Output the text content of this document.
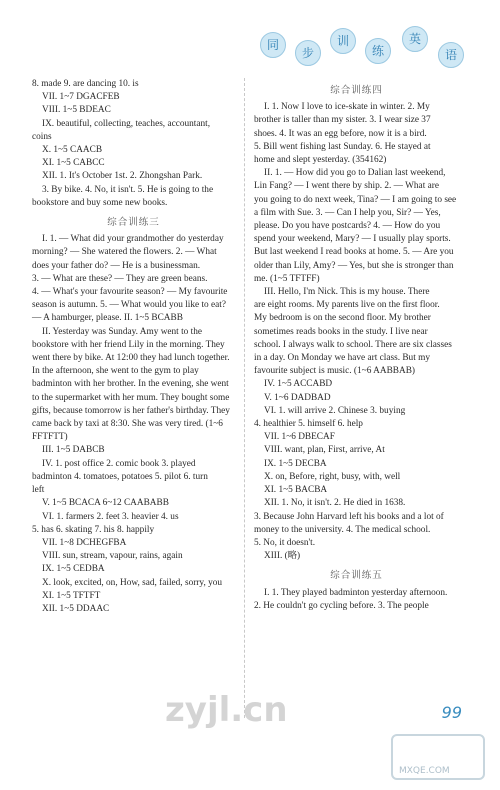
同
步
训
练
英
语
8. made 9. are dancing 10. is
VII. 1~7 DGACFEB
VIII. 1~5 BDEAC
IX. beautiful, collecting, teaches, accountant,
coins
X. 1~5 CAACB
XI. 1~5 CABCC
XII. 1. It's October 1st. 2. Zhongshan Park.
3. By bike. 4. No, it isn't. 5. He is going to the
bookstore and buy some new books.
综合训练三
I. 1. — What did your grandmother do yesterday
morning? — She watered the flowers. 2. — What
does your father do? — He is a businessman.
3. — What are these? — They are green beans.
4. — What's your favourite season? — My favourite
season is autumn. 5. — What would you like to eat?
— A hamburger, please. II. 1~5 BCABB
II. Yesterday was Sunday. Amy went to the
bookstore with her friend Lily in the morning. They
went there by bike. At 12:00 they had lunch together.
In the afternoon, she went to the gym to play
badminton with her brother. In the evening, she went
to the supermarket with her mum. They bought some
gifts, because tomorrow is her father's birthday. They
came back by taxi at 8:30. She was very tired. (1~6
FFTFTT)
III. 1~5 DABCB
IV. 1. post office 2. comic book 3. played
badminton 4. tomatoes, potatoes 5. pilot 6. turn
left
V. 1~5 BCACA 6~12 CAABABB
VI. 1. farmers 2. feet 3. heavier 4. us
5. has 6. skating 7. his 8. happily
VII. 1~8 DCHEGFBA
VIII. sun, stream, vapour, rains, again
IX. 1~5 CEDBA
X. look, excited, on, How, sad, failed, sorry, you
XI. 1~5 TFTFT
XII. 1~5 DDAAC
综合训练四
I. 1. Now I love to ice-skate in winter. 2. My
brother is taller than my sister. 3. I wear size 37
shoes. 4. It was an egg before, now it is a bird.
5. Bill went fishing last Sunday. 6. He stayed at
home and slept yesterday. (354162)
II. 1. — How did you go to Dalian last weekend,
Lin Fang? — I went there by ship. 2. — What are
you going to do next week, Tina? — I am going to see
a film with Sue. 3. — Can I help you, Sir? — Yes,
please. Do you have postcards? 4. — How do you
spend your weekend, Mary? — I usually play sports.
But last weekend I read books at home. 5. — Are you
older than Lily, Amy? — Yes, but she is stronger than
me. (1~5 TFTFF)
III. Hello, I'm Nick. This is my house. There
are eight rooms. My parents live on the first floor.
My bedroom is on the second floor. My brother
sometimes reads books in the study. I live near
school. I always walk to school. There are six classes
in a day. On Monday we have art class. But my
favourite subject is music. (1~6 AABBAB)
IV. 1~5 ACCABD
V. 1~6 DADBAD
VI. 1. will arrive 2. Chinese 3. buying
4. healthier 5. himself 6. help
VII. 1~6 DBECAF
VIII. want, plan, First, arrive, At
IX. 1~5 DECBA
X. on, Before, right, busy, with, well
XI. 1~5 BACBA
XII. 1. No, it isn't. 2. He died in 1638.
3. Because John Harvard left his books and a lot of
money to the university. 4. The medical school.
5. No, it doesn't.
XIII. (略)
综合训练五
I. 1. They played badminton yesterday afternoon.
2. He couldn't go cycling before. 3. The people
zyjl.cn	99
MXQE.COM
